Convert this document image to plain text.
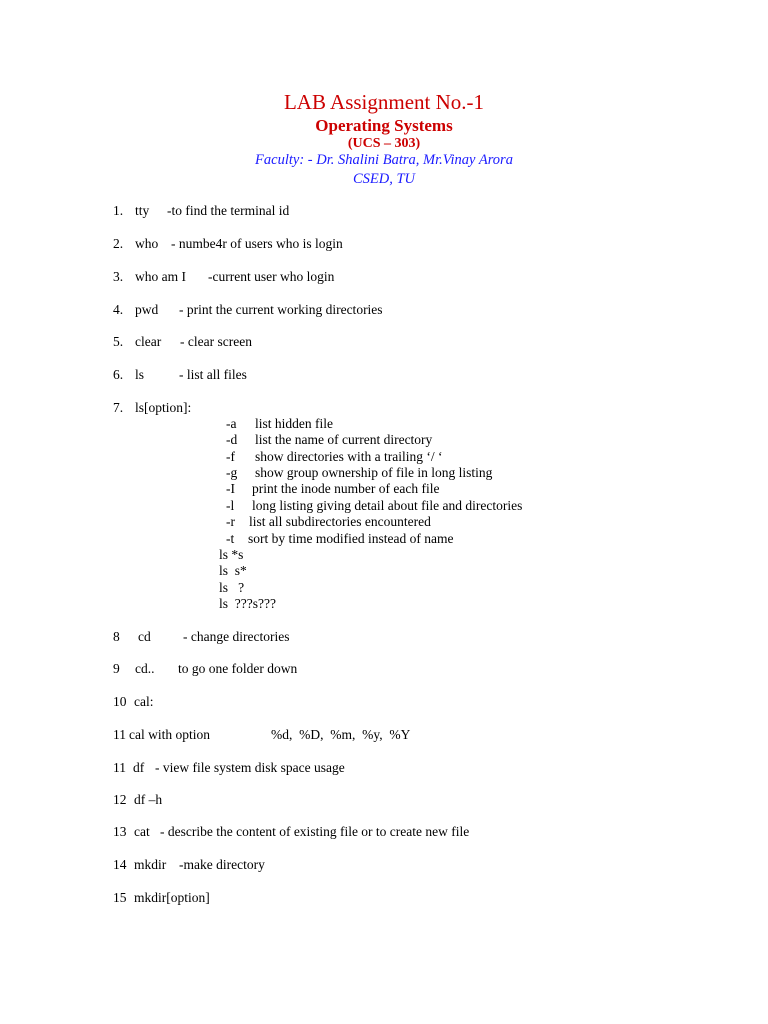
LAB Assignment No.-1
Operating Systems
(UCS – 303)
Faculty: - Dr. Shalini Batra, Mr.Vinay Arora
CSED, TU
1. tty -to find the terminal id
2. who - numbe4r of users who is login
3. who am I -current user who login
4. pwd - print the current working directories
5. clear - clear screen
6. ls	- list all files
7. ls[option]:
-a list hidden file
-d list the name of current directory
-f show directories with a trailing ‘/ ‘
-g show group ownership of file in long listing
-I print the inode number of each file
-l long listing giving detail about file and directories
-r list all subdirectories encountered
-t sort by time modified instead of name
ls *s
ls  s*
ls   ?
ls  ???s???
8 cd - change directories
9 cd.. to go one folder down
10 cal:
11 cal with option	%d,  %D,  %m,  %y,  %Y
11 df - view file system disk space usage
12 df –h
13 cat - describe the content of existing file or to create new file
14 mkdir -make directory
15 mkdir[option]
